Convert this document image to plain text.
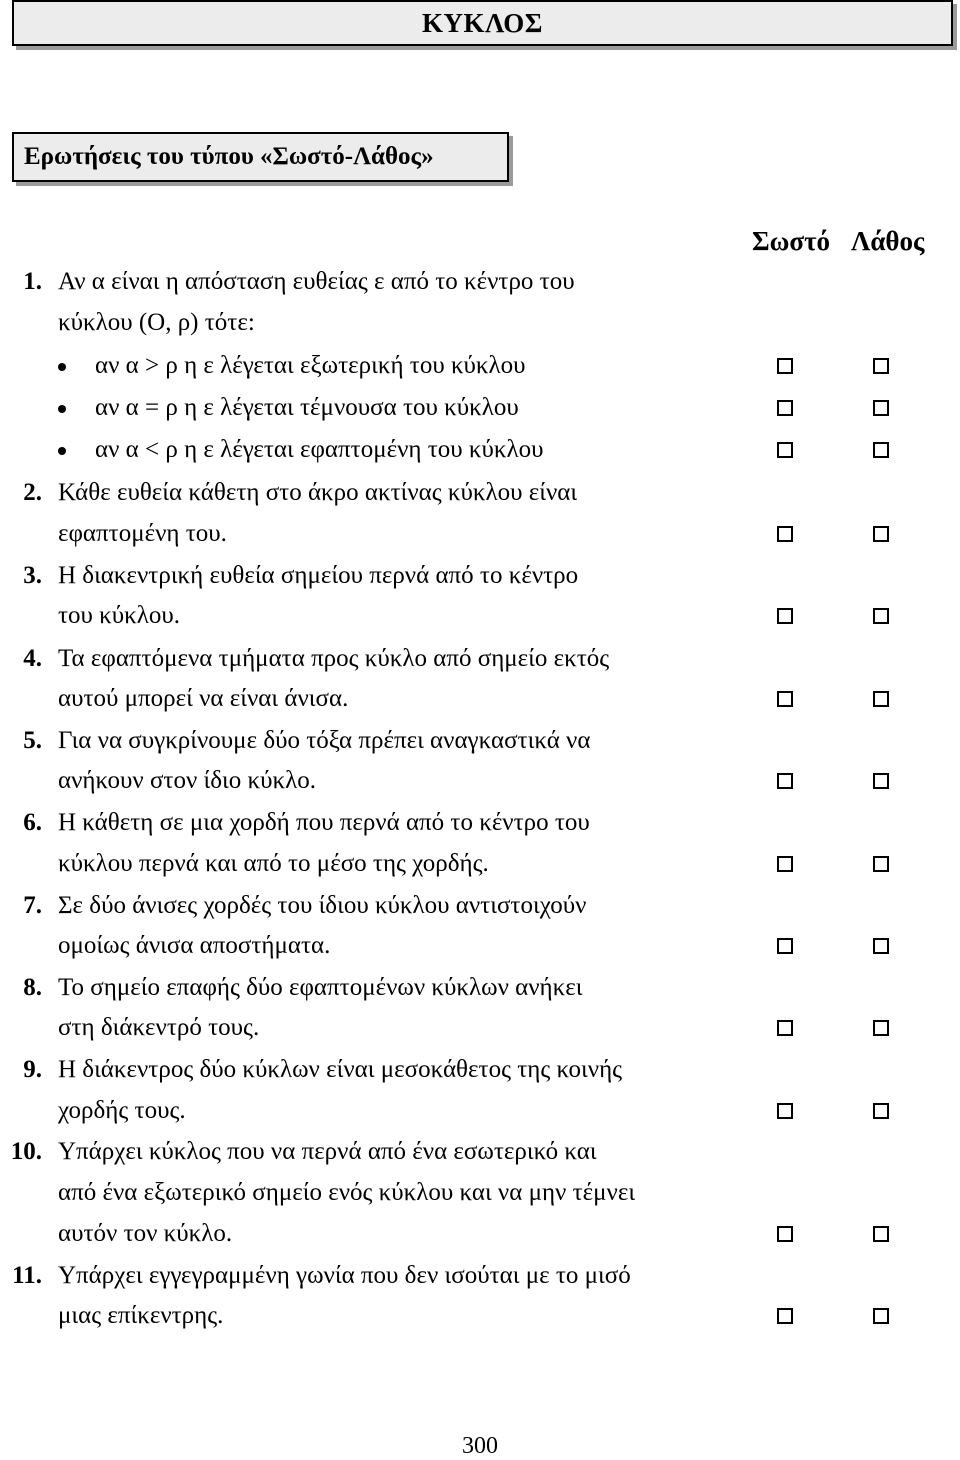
ΚΥΚΛΟΣ
Ερωτήσεις του τύπου «Σωστό-Λάθος»
Σωστό Λάθος
1. Αν α είναι η απόσταση ευθείας ε από το κέντρο του
κύκλου (Ο, ρ) τότε:
αν α > ρ η ε λέγεται εξωτερική του κύκλου
αν α = ρ η ε λέγεται τέμνουσα του κύκλου
αν α < ρ η ε λέγεται εφαπτομένη του κύκλου
2. Κάθε ευθεία κάθετη στο άκρο ακτίνας κύκλου είναι
εφαπτομένη του.
3. Η διακεντρική ευθεία σημείου περνά από το κέντρο
του κύκλου.
4. Τα εφαπτόμενα τμήματα προς κύκλο από σημείο εκτός
αυτού μπορεί να είναι άνισα.
5. Για να συγκρίνουμε δύο τόξα πρέπει αναγκαστικά να
ανήκουν στον ίδιο κύκλο.
6. Η κάθετη σε μια χορδή που περνά από το κέντρο του
κύκλου περνά και από το μέσο της χορδής.
7. Σε δύο άνισες χορδές του ίδιου κύκλου αντιστοιχούν
ομοίως άνισα αποστήματα.
8. Το σημείο επαφής δύο εφαπτομένων κύκλων ανήκει
στη διάκεντρό τους.
9. Η διάκεντρος δύο κύκλων είναι μεσοκάθετος της κοινής
χορδής τους.
10. Υπάρχει κύκλος που να περνά από ένα εσωτερικό και
από ένα εξωτερικό σημείο ενός κύκλου και να μην τέμνει
αυτόν τον κύκλο.
11. Υπάρχει εγγεγραμμένη γωνία που δεν ισούται με το μισό
μιας επίκεντρης.
300
